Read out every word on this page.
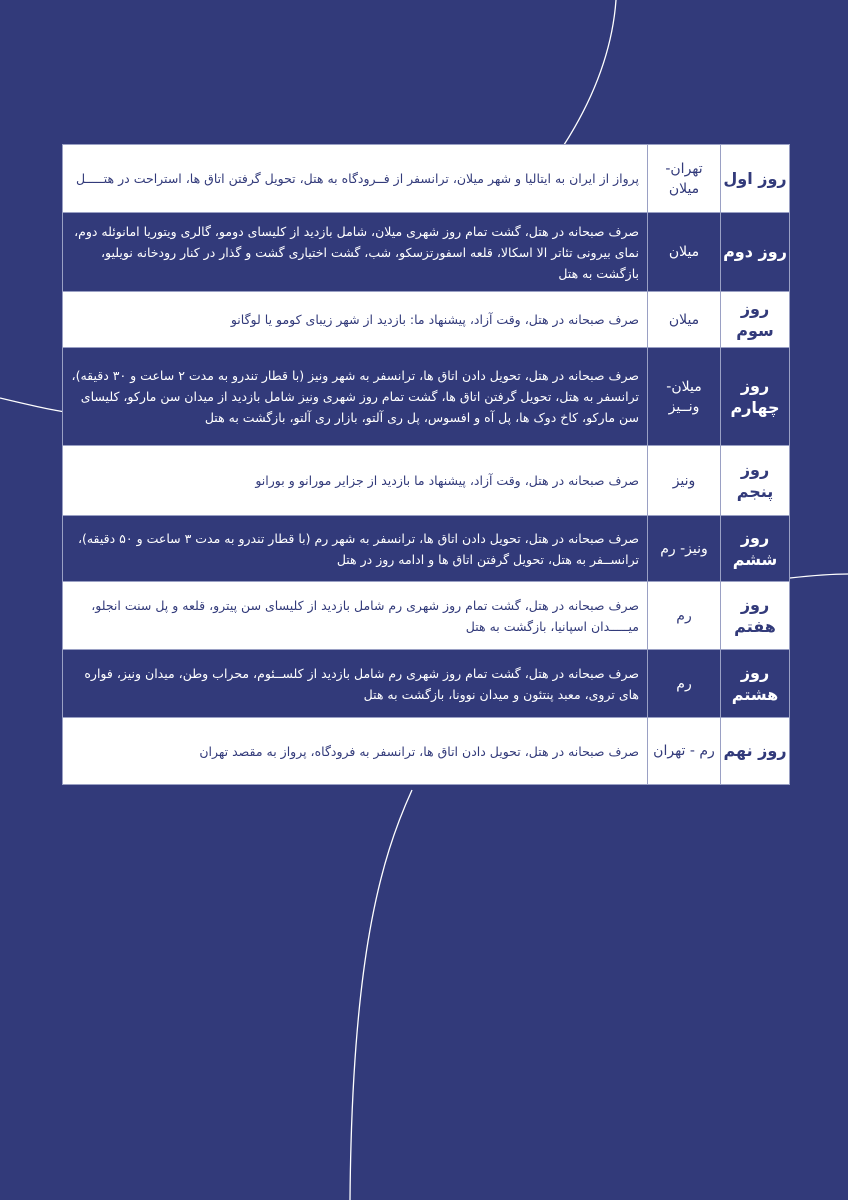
روز اول	تهران- میلان	پرواز از ایران به ایتالیا و شهر میلان، ترانسفر از فــرودگاه به هتل، تحویل گرفتن اتاق ها، استراحت در هتـــــل
روز دوم	میلان	صرف صبحانه در هتل، گشت تمام روز شهری میلان، شامل بازدید از کلیسای دومو، گالری ویتوریا امانوئله دوم، نمای بیرونی تئاتر الا اسکالا، قلعه اسفورتزسکو، شب، گشت اختیاری گشت و گذار در کنار رودخانه نویلیو، بازگشت به هتل
روز سوم	میلان	صرف صبحانه در هتل، وقت آزاد، پیشنهاد ما: بازدید از شهر زیبای کومو یا لوگانو
روز چهارم	میلان- ونــیز	صرف صبحانه در هتل، تحویل دادن اتاق ها، ترانسفر به شهر ونیز (با قطار تندرو به مدت ۲ ساعت و ۳۰ دقیقه)، ترانسفر به هتل، تحویل گرفتن اتاق ها، گشت تمام روز شهری ونیز شامل بازدید از میدان سن مارکو، کلیسای سن مارکو، کاخ دوک ها، پل آه و افسوس، پل ری آلتو، بازار ری آلتو، بازگشت به هتل
روز پنجم	ونیز	صرف صبحانه در هتل، وقت آزاد، پیشنهاد ما بازدید از جزایر مورانو و بورانو
روز ششم	ونیز- رم	صرف صبحانه در هتل، تحویل دادن اتاق ها، ترانسفر به شهر رم (با قطار تندرو به مدت ۳ ساعت و ۵۰ دقیقه)، ترانســفر به هتل، تحویل گرفتن اتاق ها و ادامه روز در هتل
روز هفتم	رم	صرف صبحانه در هتل، گشت تمام روز شهری رم شامل بازدید از کلیسای سن پیترو، قلعه و پل سنت انجلو، میـــــدان اسپانیا، بازگشت به هتل
روز هشتم	رم	صرف صبحانه در هتل، گشت تمام روز شهری رم شامل بازدید از کلســئوم، محراب وطن، میدان ونیز، فواره های تروی، معبد پنتئون و میدان نوونا، بازگشت به هتل
روز نهم	رم - تهران	صرف صبحانه در هتل، تحویل دادن اتاق ها، ترانسفر به فرودگاه، پرواز به مقصد تهران
